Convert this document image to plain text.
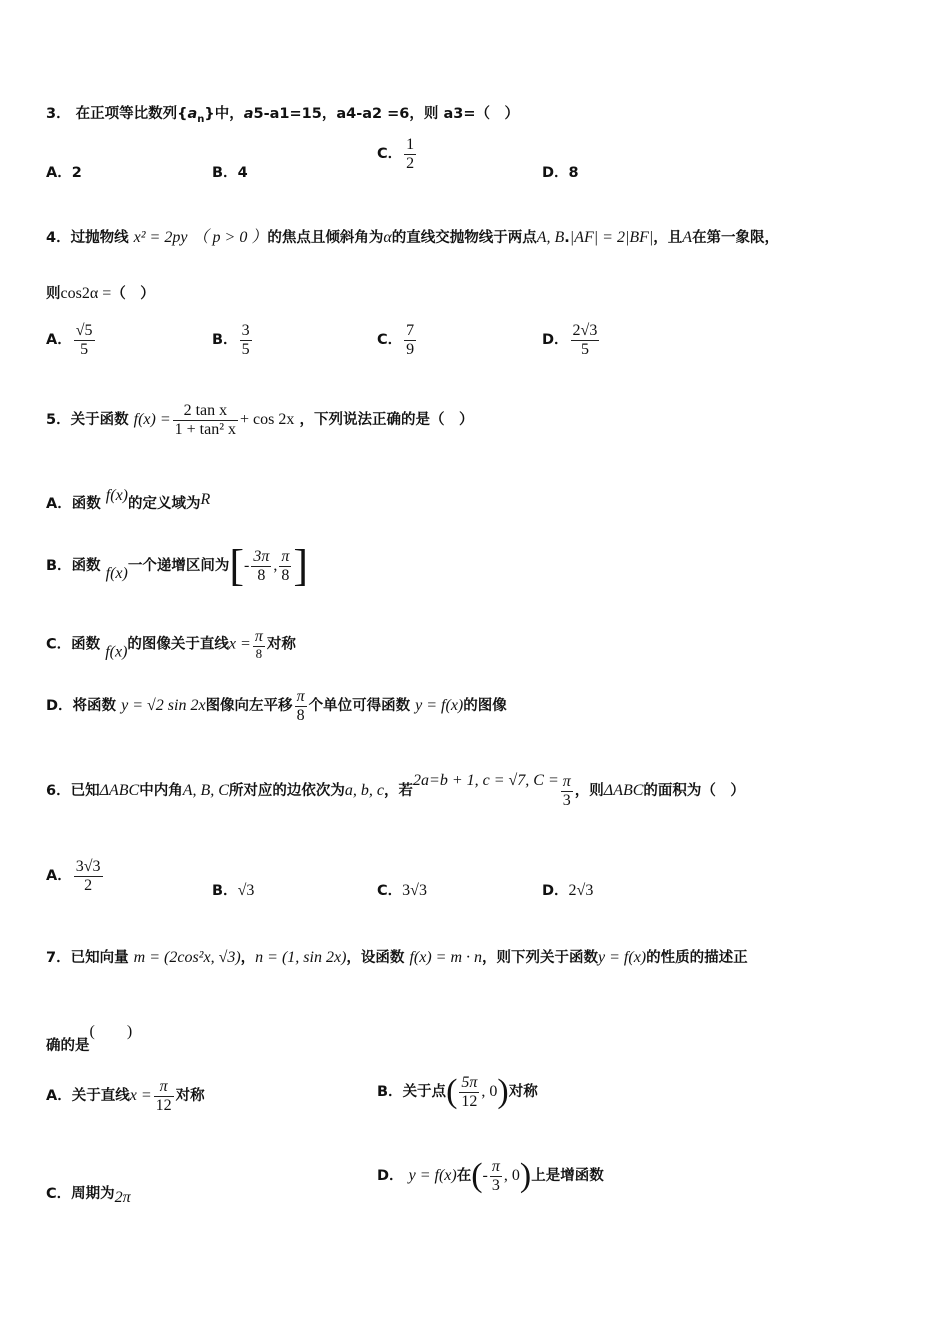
3． 在正项等比数列$\{a_n\}$中，a5-a1=15，a4-a2 =6，则 a3=（　）
A．2	B．4
C． $\frac{1}{2}$
D．8
4．过抛物线 x² = 2py （ p > 0 ）的焦点且倾斜角为α的直线交抛物线于两点A, B.|AF| = 2|BF|，且A在第一象限，
则cos2α =（　）
A． $\frac{√5}{5}$	B． $\frac{3}{5}$	C． $\frac{7}{9}$	D． $\frac{2√3}{5}$
5．关于函数 $f(x) = \frac{\text{2 tan x}}{\text{1 + tan² x}} + \cos 2x$ ，下列说法正确的是（　）
A．函数 f(x)的定义域为R
B．函数 f(x)一个递增区间为[- $\frac{3\pi}{8}$ , $\frac{\pi}{8}$ ]
C．函数 f(x)的图像关于直线$x = \frac{\pi}{8}$ 对称
D．将函数 y = √2 sin 2x图像向左平移 $\frac{\pi}{8}$ 个单位可得函数 y = f(x)的图像
6．已知ΔABC中内角A, B, C所对应的边依次为a, b, c，若2a=b + 1, c = √7, $C = \frac{\pi}{3}$ ，则ΔABC的面积为（　）
A． $\frac{3√3}{2}$	B．√3	C．3√3	D．2√3
7．已知向量 m = (2cos²x, √3)，n = (1, sin 2x)，设函数 f(x) = m · n，则下列关于函数y = f(x)的性质的描述正
确的是(　　)
A．关于直线$x = \frac{\pi}{12}$ 对称	B．关于点( $\frac{5\pi}{12}$ , 0)对称
C．周期为2π
D． y = f(x)在(- $\frac{\pi}{3}$ , 0)上是增函数
